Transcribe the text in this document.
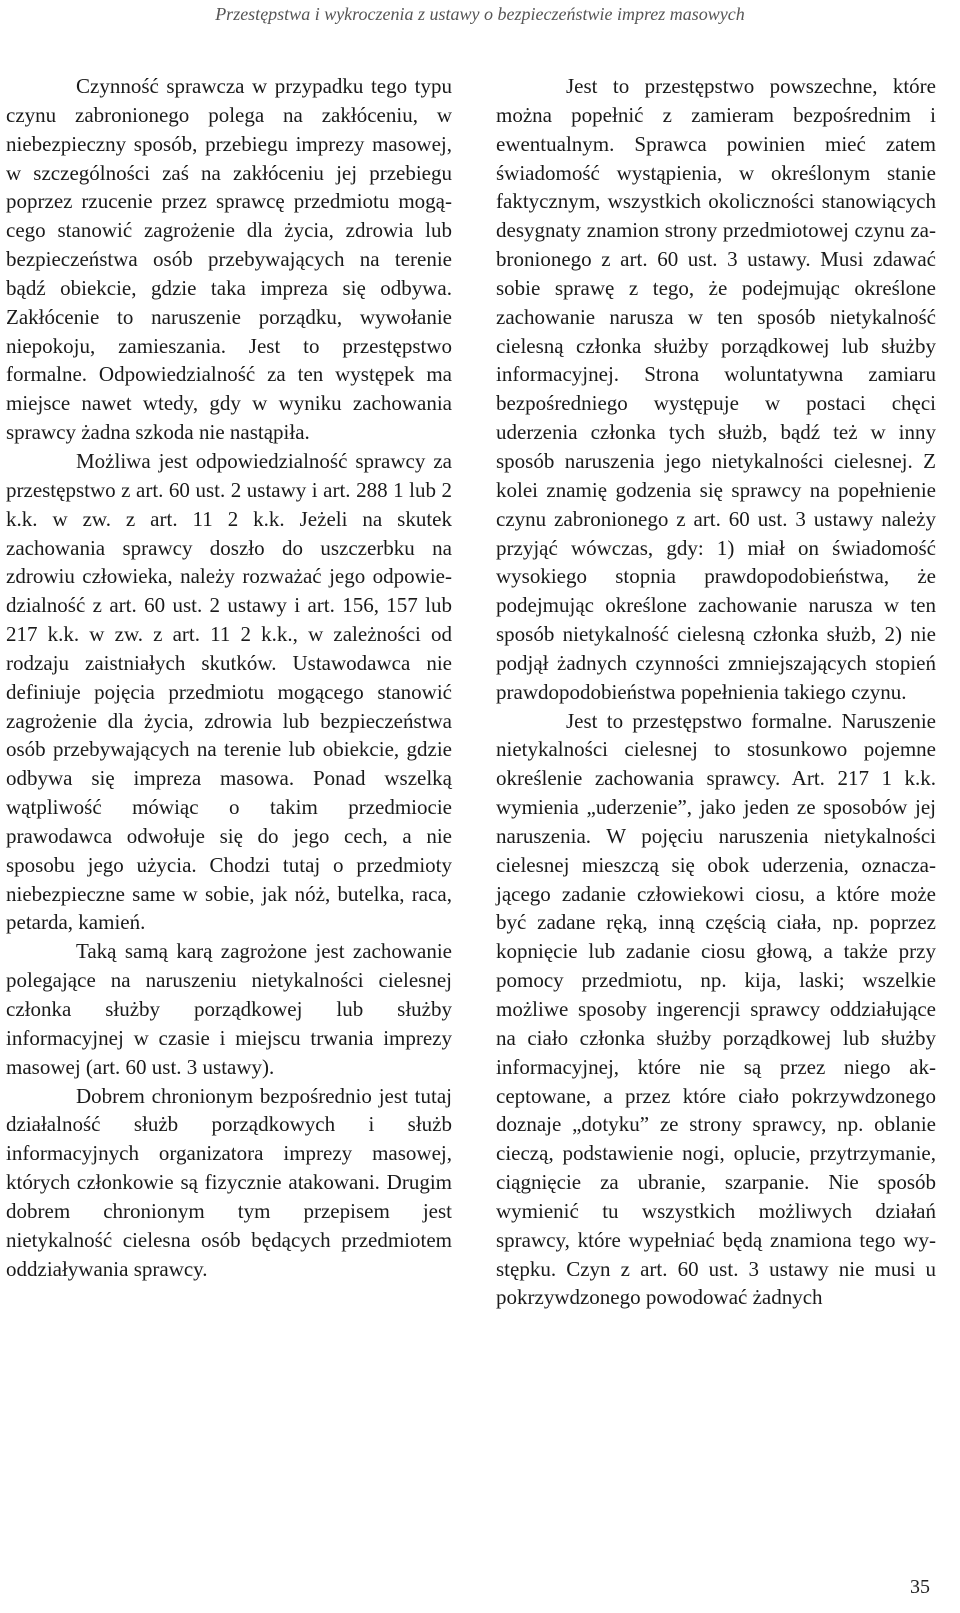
Przestępstwa i wykroczenia z ustawy o bezpieczeństwie imprez masowych

Czynność sprawcza w przypadku tego typu czynu zabronionego polega na zakłóceniu, w niebezpieczny sposób, przebiegu imprezy masowej, w szczególności zaś na zakłóceniu jej przebiegu poprzez rzucenie przez sprawcę przedmiotu mogącego stanowić zagrożenie dla życia, zdrowia lub bezpieczeństwa osób przebywających na terenie bądź obiekcie, gdzie taka impreza się odbywa. Zakłócenie to naruszenie porządku, wywołanie niepokoju, zamieszania. Jest to przestępstwo formalne. Odpowiedzialność za ten występek ma miejsce nawet wtedy, gdy w wyniku zachowania sprawcy żadna szkoda nie nastąpiła.

Możliwa jest odpowiedzialność sprawcy za przestępstwo z art. 60 ust. 2 ustawy i art. 288 1 lub 2 k.k. w zw. z art. 11 2 k.k. Jeżeli na skutek zachowania sprawcy doszło do uszczerbku na zdrowiu człowieka, należy rozważać jego odpowiedzialność z art. 60 ust. 2 ustawy i art. 156, 157 lub 217 k.k. w zw. z art. 11 2 k.k., w zależności od rodzaju zaistniałych skutków. Ustawodawca nie definiuje pojęcia przedmiotu mogącego stanowić zagrożenie dla życia, zdrowia lub bezpieczeństwa osób przebywających na terenie lub obiekcie, gdzie odbywa się impreza masowa. Ponad wszelką wątpliwość mówiąc o takim przedmiocie prawodawca odwołuje się do jego cech, a nie sposobu jego użycia. Chodzi tutaj o przedmioty niebezpieczne same w sobie, jak nóż, butelka, raca, petarda, kamień.

Taką samą karą zagrożone jest zachowanie polegające na naruszeniu nietykalności cielesnej członka służby porządkowej lub służby informacyjnej w czasie i miejscu trwania imprezy masowej (art. 60 ust. 3 ustawy).

Dobrem chronionym bezpośrednio jest tutaj działalność służb porządkowych i służb informacyjnych organizatora imprezy masowej, których członkowie są fizycznie atakowani. Drugim dobrem chronionym tym przepisem jest nietykalność cielesna osób będących przedmiotem oddziaływania sprawcy.

Jest to przestępstwo powszechne, które można popełnić z zamieram bezpośrednim i ewentualnym. Sprawca powinien mieć zatem świadomość wystąpienia, w określonym stanie faktycznym, wszystkich okoliczności stanowiących desygnaty znamion strony przedmiotowej czynu zabronionego z art. 60 ust. 3 ustawy. Musi zdawać sobie sprawę z tego, że podejmując określone zachowanie narusza w ten sposób nietykalność cielesną członka służby porządkowej lub służby informacyjnej. Strona woluntatywna zamiaru bezpośredniego występuje w postaci chęci uderzenia członka tych służb, bądź też w inny sposób naruszenia jego nietykalności cielesnej. Z kolei znamię godzenia się sprawcy na popełnienie czynu zabronionego z art. 60 ust. 3 ustawy należy przyjąć wówczas, gdy: 1) miał on świadomość wysokiego stopnia prawdopodobieństwa, że podejmując określone zachowanie narusza w ten sposób nietykalność cielesną członka służb, 2) nie podjął żadnych czynności zmniejszających stopień prawdopodobieństwa popełnienia takiego czynu.

Jest to przestępstwo formalne. Naruszenie nietykalności cielesnej to stosunkowo pojemne określenie zachowania sprawcy. Art. 217 1 k.k. wymienia „uderzenie”, jako jeden ze sposobów jej naruszenia. W pojęciu naruszenia nietykalności cielesnej mieszczą się obok uderzenia, oznaczającego zadanie człowiekowi ciosu, a które może być zadane ręką, inną częścią ciała, np. poprzez kopnięcie lub zadanie ciosu głową, a także przy pomocy przedmiotu, np. kija, laski; wszelkie możliwe sposoby ingerencji sprawcy oddziałujące na ciało członka służby porządkowej lub służby informacyjnej, które nie są przez niego akceptowane, a przez które ciało pokrzywdzonego doznaje „dotyku” ze strony sprawcy, np. oblanie cieczą, podstawienie nogi, oplucie, przytrzymanie, ciągnięcie za ubranie, szarpanie. Nie sposób wymienić tu wszystkich możliwych działań sprawcy, które wypełniać będą znamiona tego występku. Czyn z art. 60 ust. 3 ustawy nie musi u pokrzywdzonego powodować żadnych

35
